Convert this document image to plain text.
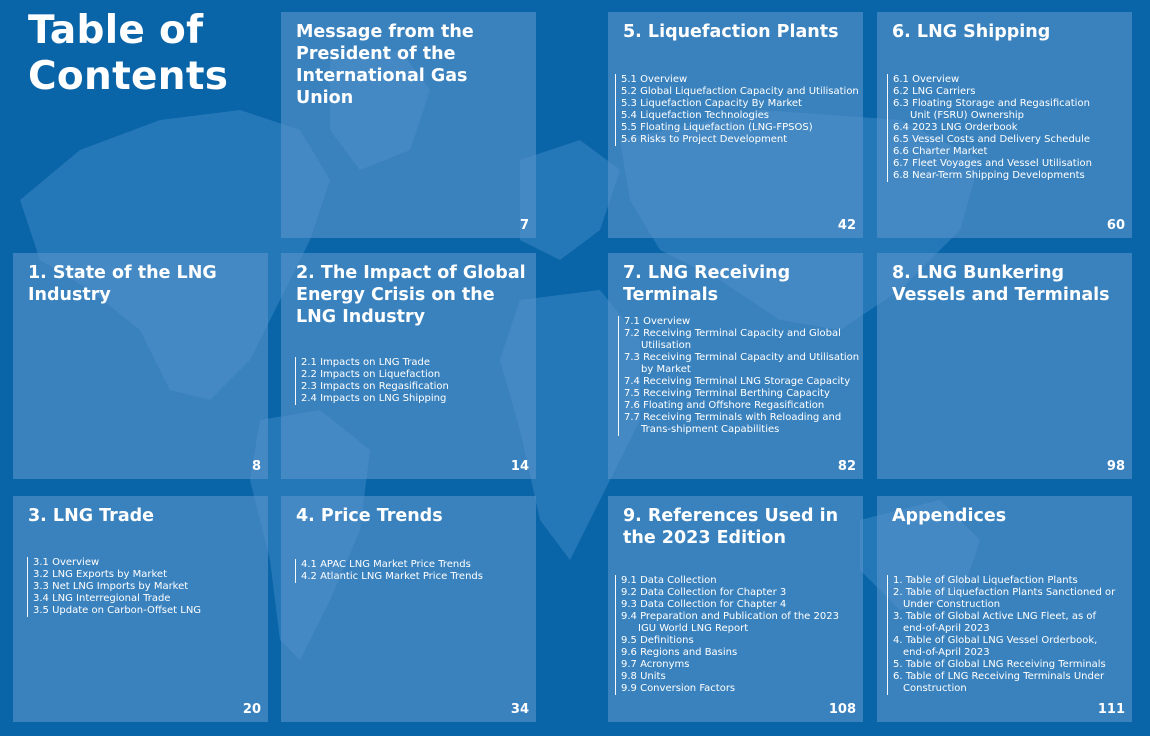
Table of
Contents
Message from the President of the International Gas Union
7
1. State of the LNG Industry
8
2. The Impact of Global Energy Crisis on the LNG Industry
2.1 Impacts on LNG Trade
2.2 Impacts on Liquefaction
2.3 Impacts on Regasification
2.4 Impacts on LNG Shipping
14
3. LNG Trade
3.1 Overview
3.2 LNG Exports by Market
3.3 Net LNG Imports by Market
3.4 LNG Interregional Trade
3.5 Update on Carbon-Offset LNG
20
4. Price Trends
4.1 APAC LNG Market Price Trends
4.2 Atlantic LNG Market Price Trends
34
5. Liquefaction Plants
5.1 Overview
5.2 Global Liquefaction Capacity and Utilisation
5.3 Liquefaction Capacity By Market
5.4 Liquefaction Technologies
5.5 Floating Liquefaction (LNG-FPSOS)
5.6 Risks to Project Development
42
6. LNG Shipping
6.1 Overview
6.2 LNG Carriers
6.3 Floating Storage and Regasification
Unit (FSRU) Ownership
6.4 2023 LNG Orderbook
6.5 Vessel Costs and Delivery Schedule
6.6 Charter Market
6.7 Fleet Voyages and Vessel Utilisation
6.8 Near-Term Shipping Developments
60
7. LNG Receiving Terminals
7.1 Overview
7.2 Receiving Terminal Capacity and Global
Utilisation
7.3 Receiving Terminal Capacity and Utilisation
by Market
7.4 Receiving Terminal LNG Storage Capacity
7.5 Receiving Terminal Berthing Capacity
7.6 Floating and Offshore Regasification
7.7 Receiving Terminals with Reloading and
Trans-shipment Capabilities
82
8. LNG Bunkering Vessels and Terminals
98
9. References Used in the 2023 Edition
9.1 Data Collection
9.2 Data Collection for Chapter 3
9.3 Data Collection for Chapter 4
9.4 Preparation and Publication of the 2023
IGU World LNG Report
9.5 Definitions
9.6 Regions and Basins
9.7 Acronyms
9.8 Units
9.9 Conversion Factors
108
Appendices
1. Table of Global Liquefaction Plants
2. Table of Liquefaction Plants Sanctioned or
Under Construction
3. Table of Global Active LNG Fleet, as of
end-of-April 2023
4. Table of Global LNG Vessel Orderbook,
end-of-April 2023
5. Table of Global LNG Receiving Terminals
6. Table of LNG Receiving Terminals Under
Construction
111
